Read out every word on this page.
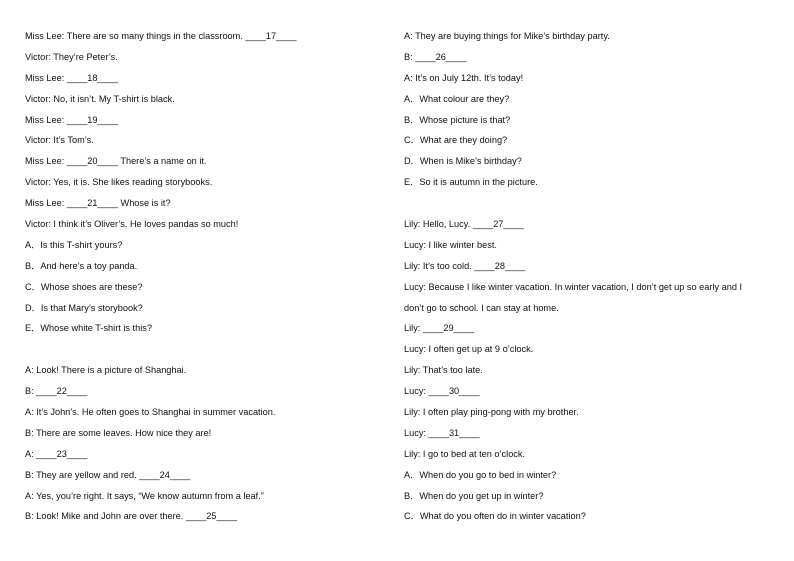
Miss Lee: There are so many things in the classroom. ____17____
Victor: They’re Peter’s.
Miss Lee: ____18____
Victor: No, it isn’t. My T-shirt is black.
Miss Lee: ____19____
Victor: It’s Tom’s.
Miss Lee: ____20____ There’s a name on it.
Victor: Yes, it is. She likes reading storybooks.
Miss Lee: ____21____ Whose is it?
Victor: I think it’s Oliver’s. He loves pandas so much!
A．Is this T-shirt yours?
B．And here’s a toy panda.
C．Whose shoes are these?
D．Is that Mary’s storybook?
E．Whose white T-shirt is this?
A: Look! There is a picture of Shanghai.
B: ____22____
A: It’s John’s. He often goes to Shanghai in summer vacation.
B: There are some leaves. How nice they are!
A: ____23____
B: They are yellow and red. ____24____
A: Yes, you’re right. It says, “We know autumn from a leaf.”
B: Look! Mike and John are over there. ____25____
A: They are buying things for Mike’s birthday party.
B: ____26____
A: It’s on July 12th. It’s today!
A．What colour are they?
B．Whose picture is that?
C．What are they doing?
D．When is Mike’s birthday?
E．So it is autumn in the picture.
Lily: Hello, Lucy. ____27____
Lucy: I like winter best.
Lily: It’s too cold. ____28____
Lucy: Because I like winter vacation. In winter vacation, I don’t get up so early and I
don’t go to school. I can stay at home.
Lily: ____29____
Lucy: I often get up at 9 o’clock.
Lily: That’s too late.
Lucy: ____30____
Lily: I often play ping-pong with my brother.
Lucy: ____31____
Lily: I go to bed at ten o’clock.
A．When do you go to bed in winter?
B．When do you get up in winter?
C．What do you often do in winter vacation?
